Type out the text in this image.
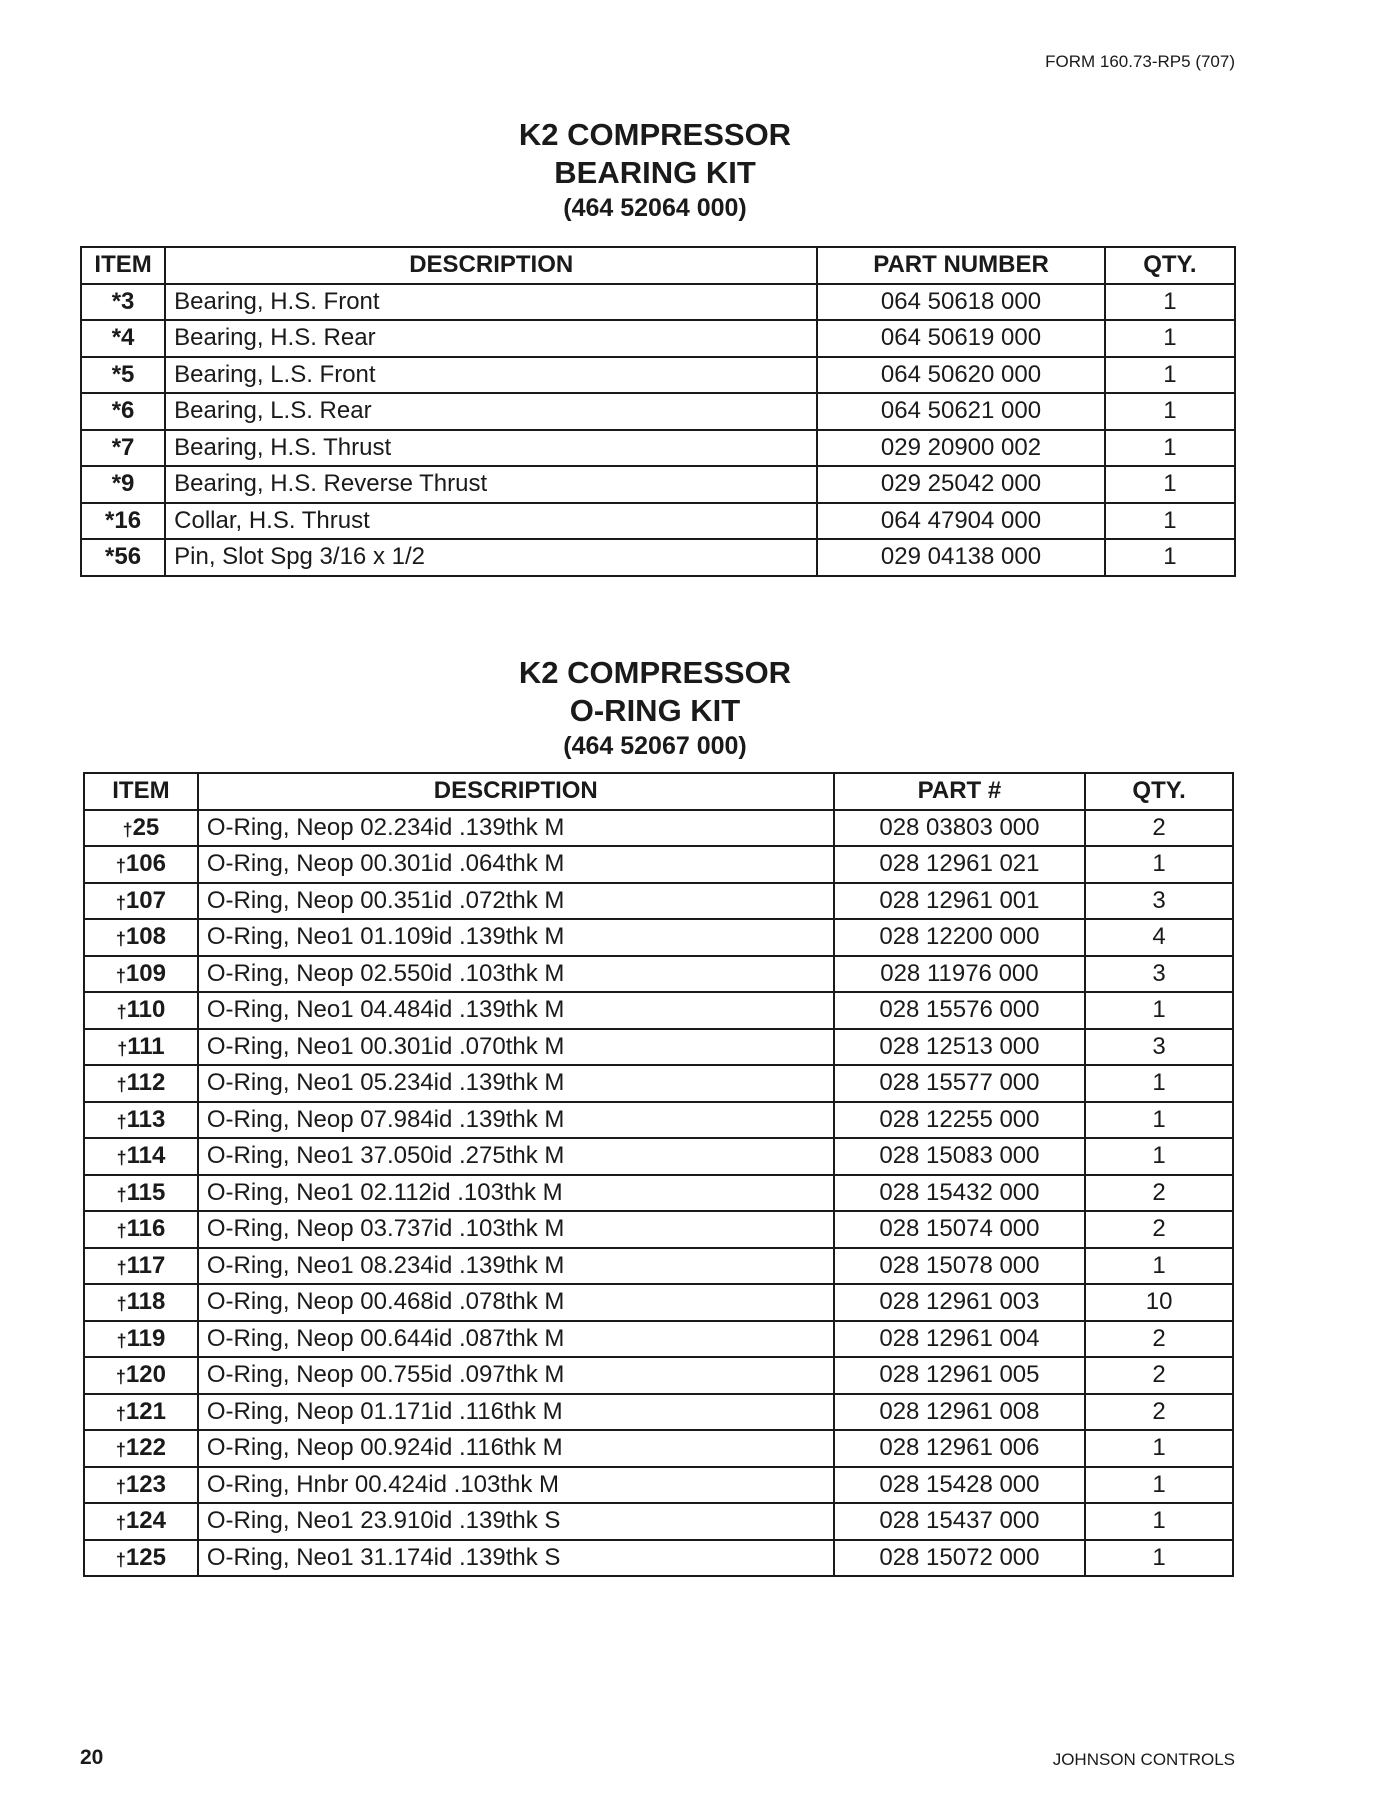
FORM 160.73-RP5 (707)
K2 COMPRESSOR
BEARING KIT
(464 52064 000)
ITEM	DESCRIPTION	PART NUMBER	QTY.
*3	Bearing, H.S. Front	064 50618 000	1
*4	Bearing, H.S. Rear	064 50619 000	1
*5	Bearing, L.S. Front	064 50620 000	1
*6	Bearing, L.S. Rear	064 50621 000	1
*7	Bearing, H.S. Thrust	029 20900 002	1
*9	Bearing, H.S. Reverse Thrust	029 25042 000	1
*16	Collar, H.S. Thrust	064 47904 000	1
*56	Pin, Slot Spg 3/16 x 1/2	029 04138 000	1
K2 COMPRESSOR
O-RING KIT
(464 52067 000)
ITEM	DESCRIPTION	PART #	QTY.
†25	O-Ring, Neop 02.234id .139thk M	028 03803 000	2
†106	O-Ring, Neop 00.301id .064thk M	028 12961 021	1
†107	O-Ring, Neop 00.351id .072thk M	028 12961 001	3
†108	O-Ring, Neo1 01.109id .139thk M	028 12200 000	4
†109	O-Ring, Neop 02.550id .103thk M	028 11976 000	3
†110	O-Ring, Neo1 04.484id .139thk M	028 15576 000	1
†111	O-Ring, Neo1 00.301id .070thk M	028 12513 000	3
†112	O-Ring, Neo1 05.234id .139thk M	028 15577 000	1
†113	O-Ring, Neop 07.984id .139thk M	028 12255 000	1
†114	O-Ring, Neo1 37.050id .275thk M	028 15083 000	1
†115	O-Ring, Neo1 02.112id .103thk M	028 15432 000	2
†116	O-Ring, Neop 03.737id .103thk M	028 15074 000	2
†117	O-Ring, Neo1 08.234id .139thk M	028 15078 000	1
†118	O-Ring, Neop 00.468id .078thk M	028 12961 003	10
†119	O-Ring, Neop 00.644id .087thk M	028 12961 004	2
†120	O-Ring, Neop 00.755id .097thk M	028 12961 005	2
†121	O-Ring, Neop 01.171id .116thk M	028 12961 008	2
†122	O-Ring, Neop 00.924id .116thk M	028 12961 006	1
†123	O-Ring, Hnbr 00.424id .103thk M	028 15428 000	1
†124	O-Ring, Neo1 23.910id .139thk S	028 15437 000	1
†125	O-Ring, Neo1 31.174id .139thk S	028 15072 000	1
20	JOHNSON CONTROLS
